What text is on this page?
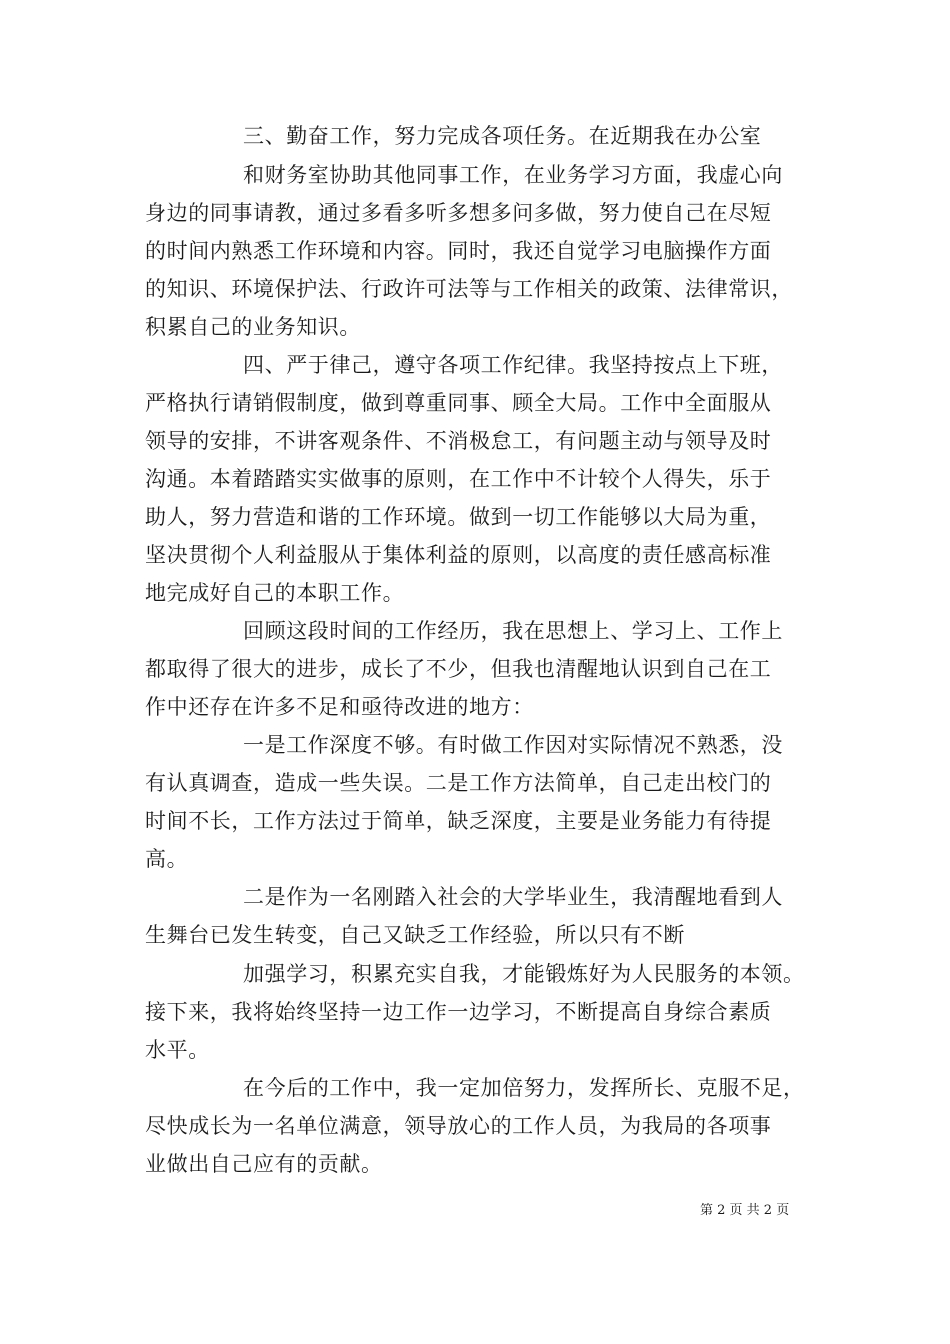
三、勤奋工作，努力完成各项任务。在近期我在办公室
和财务室协助其他同事工作，在业务学习方面，我虚心向
身边的同事请教，通过多看多听多想多问多做，努力使自己在尽短
的时间内熟悉工作环境和内容。同时，我还自觉学习电脑操作方面
的知识、环境保护法、行政许可法等与工作相关的政策、法律常识，
积累自己的业务知识。
四、严于律己，遵守各项工作纪律。我坚持按点上下班，
严格执行请销假制度，做到尊重同事、顾全大局。工作中全面服从
领导的安排，不讲客观条件、不消极怠工，有问题主动与领导及时
沟通。本着踏踏实实做事的原则，在工作中不计较个人得失，乐于
助人，努力营造和谐的工作环境。做到一切工作能够以大局为重，
坚决贯彻个人利益服从于集体利益的原则，以高度的责任感高标准
地完成好自己的本职工作。
回顾这段时间的工作经历，我在思想上、学习上、工作上
都取得了很大的进步，成长了不少，但我也清醒地认识到自己在工
作中还存在许多不足和亟待改进的地方：
一是工作深度不够。有时做工作因对实际情况不熟悉，没
有认真调查，造成一些失误。二是工作方法简单，自己走出校门的
时间不长，工作方法过于简单，缺乏深度，主要是业务能力有待提
高。
二是作为一名刚踏入社会的大学毕业生，我清醒地看到人
生舞台已发生转变，自己又缺乏工作经验，所以只有不断
加强学习，积累充实自我，才能锻炼好为人民服务的本领。
接下来，我将始终坚持一边工作一边学习，不断提高自身综合素质
水平。
在今后的工作中，我一定加倍努力，发挥所长、克服不足，
尽快成长为一名单位满意，领导放心的工作人员，为我局的各项事
业做出自己应有的贡献。
第 2 页 共 2 页
